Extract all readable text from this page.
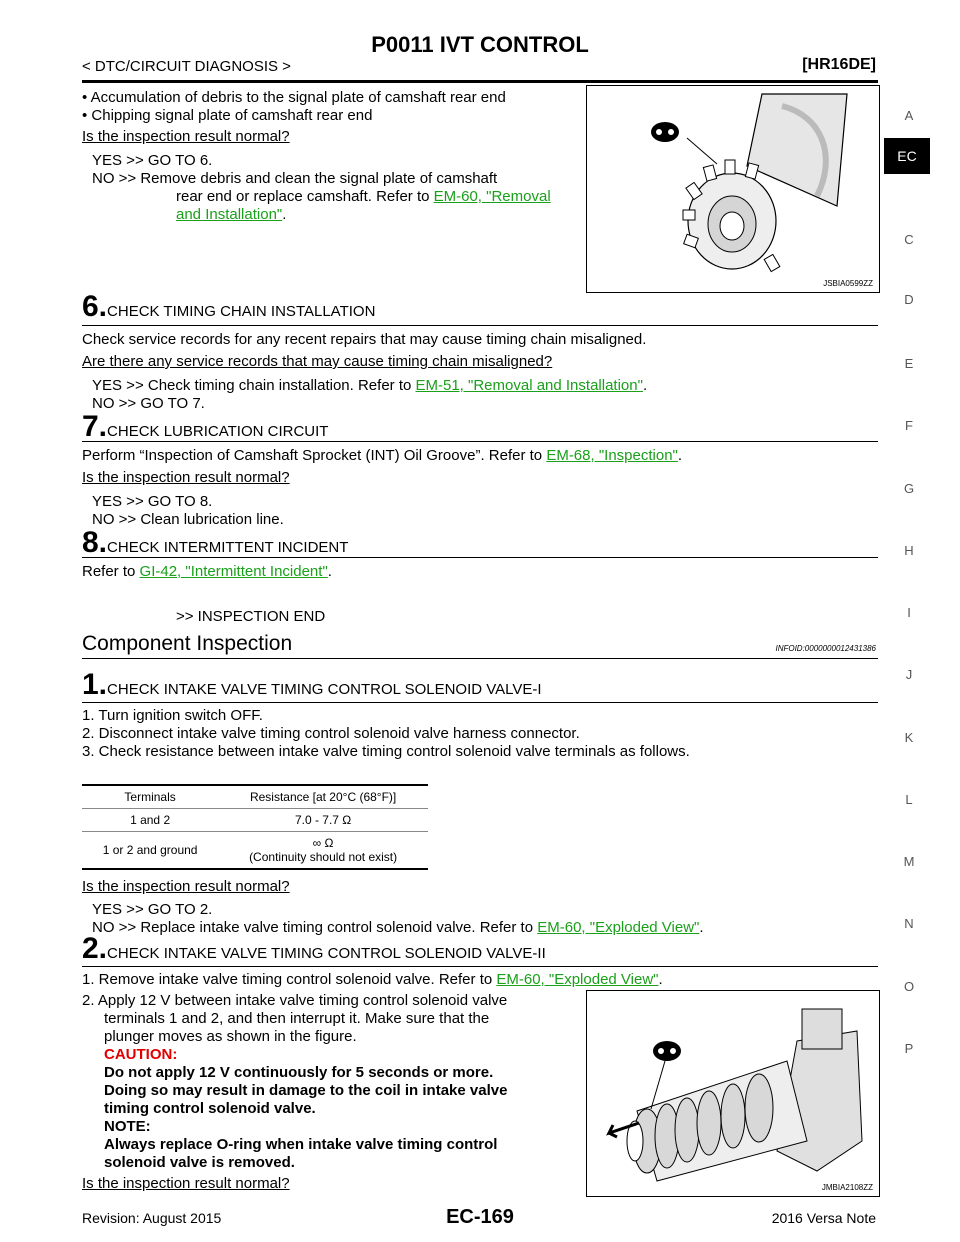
P0011 IVT CONTROL
< DTC/CIRCUIT DIAGNOSIS >	[HR16DE]
A
EC
C
D
E
F
G
H
I
J
K
L
M
N
O
P
• Accumulation of debris to the signal plate of camshaft rear end
• Chipping signal plate of camshaft rear end
Is the inspection result normal?
YES >> GO TO 6.
NO >> Remove debris and clean the signal plate of camshaft
rear end or replace camshaft. Refer to EM-60, "Removal
and Installation".
JSBIA0599ZZ
6.CHECK TIMING CHAIN INSTALLATION
Check service records for any recent repairs that may cause timing chain misaligned.
Are there any service records that may cause timing chain misaligned?
YES >> Check timing chain installation. Refer to EM-51, "Removal and Installation".
NO >> GO TO 7.
7.CHECK LUBRICATION CIRCUIT
Perform “Inspection of Camshaft Sprocket (INT) Oil Groove”. Refer to EM-68, "Inspection".
Is the inspection result normal?
YES >> GO TO 8.
NO >> Clean lubrication line.
8.CHECK INTERMITTENT INCIDENT
Refer to GI-42, "Intermittent Incident".
>> INSPECTION END
Component Inspection	INFOID:0000000012431386
1.CHECK INTAKE VALVE TIMING CONTROL SOLENOID VALVE-I
1. Turn ignition switch OFF.
2. Disconnect intake valve timing control solenoid valve harness connector.
3. Check resistance between intake valve timing control solenoid valve terminals as follows.
Terminals	Resistance [at 20°C (68°F)]
1 and 2	7.0 - 7.7 Ω
1 or 2 and ground	∞ Ω
(Continuity should not exist)
Is the inspection result normal?
YES >> GO TO 2.
NO >> Replace intake valve timing control solenoid valve. Refer to EM-60, "Exploded View".
2.CHECK INTAKE VALVE TIMING CONTROL SOLENOID VALVE-II
1. Remove intake valve timing control solenoid valve. Refer to EM-60, "Exploded View".
2. Apply 12 V between intake valve timing control solenoid valve
terminals 1 and 2, and then interrupt it. Make sure that the
plunger moves as shown in the figure.
CAUTION:
Do not apply 12 V continuously for 5 seconds or more.
Doing so may result in damage to the coil in intake valve
timing control solenoid valve.
NOTE:
Always replace O-ring when intake valve timing control
solenoid valve is removed.
Is the inspection result normal?	JMBIA2108ZZ
Revision: August 2015	EC-169	2016 Versa Note
